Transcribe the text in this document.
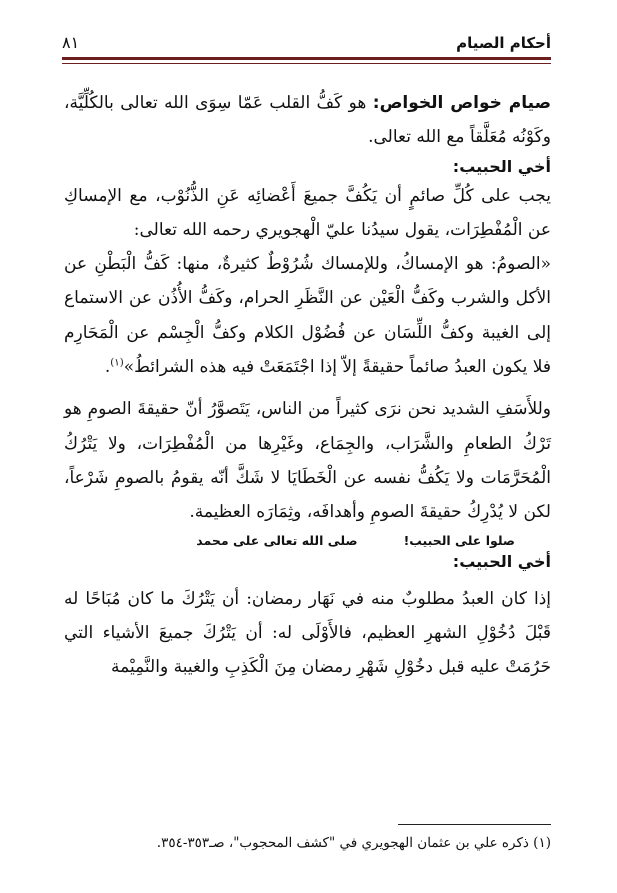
أحكام الصيام
٨١

صيام خواص الخواص: هو كَفُّ القلب عَمّا سِوَى الله تعالى بالكُلِّيَّة، وكَوْنُه مُعَلَّقاً مع الله تعالى.

أخي الحبيب:

يجب على كُلِّ صائمٍ أن يَكُفَّ جميعَ أَعْضائِه عَنِ الذُّنُوْب، مع الإمساكِ عن الْمُفْطِرَات، يقول سيدُنا عليّ الْهجويري رحمه الله تعالى:

«الصومُ: هو الإمساكُ، وللإمساك شُرُوْطٌ كثيرةٌ، منها: كَفُّ الْبَطْنِ عن الأكل والشرب وكَفُّ الْعَيْن عن النَّظَرِ الحرام، وكَفُّ الأُذُن عن الاستماع إلى الغيبة وكفُّ اللِّسَان عن فُضُوْل الكلام وكفُّ الْجِسْم عن الْمَحَارِم فلا يكون العبدُ صائماً حقيقةً إلاّ إذا اجْتَمَعَتْ فيه هذه الشرائطُ»$^{(١)}$.

وللأَسَفِ الشديد نحن نرَى كثيراً من الناس، يَتَصوَّرُ أنّ حقيقةَ الصومِ هو تَرْكُ الطعامِ والشَّرَاب، والجِمَاع، وغَيْرِها من الْمُفْطِرَات، ولا يَتْرُكُ الْمُحَرَّمَات ولا يَكُفُّ نفسه عن الْخَطَايَا لا شَكَّ أنّه يقومُ بالصومِ شَرْعاً، لكن لا يُدْرِكُ حقيقةَ الصومِ وأهدافَه، وثِمَارَه العظيمة.

صلوا على الحبيب!
صلى الله تعالى على محمد
أخي الحبيب:

إذا كان العبدُ مطلوبٌ منه في نَهَار رمضان: أن يَتْرُكَ ما كان مُبَاحًا له قَبْلَ دُخُوْلِ الشهرِ العظيم، فالأَوْلَى له: أن يَتْرُكَ جميعَ الأشياء التي حَرُمَتْ عليه قبل دخُوْلِ شَهْرِ رمضان مِنَ الْكَذِبِ والغيبة والنَّمِيْمة

(١) ذكره علي بن عثمان الهجويري في "كشف المحجوب"، صـ٣٥٣-٣٥٤.
